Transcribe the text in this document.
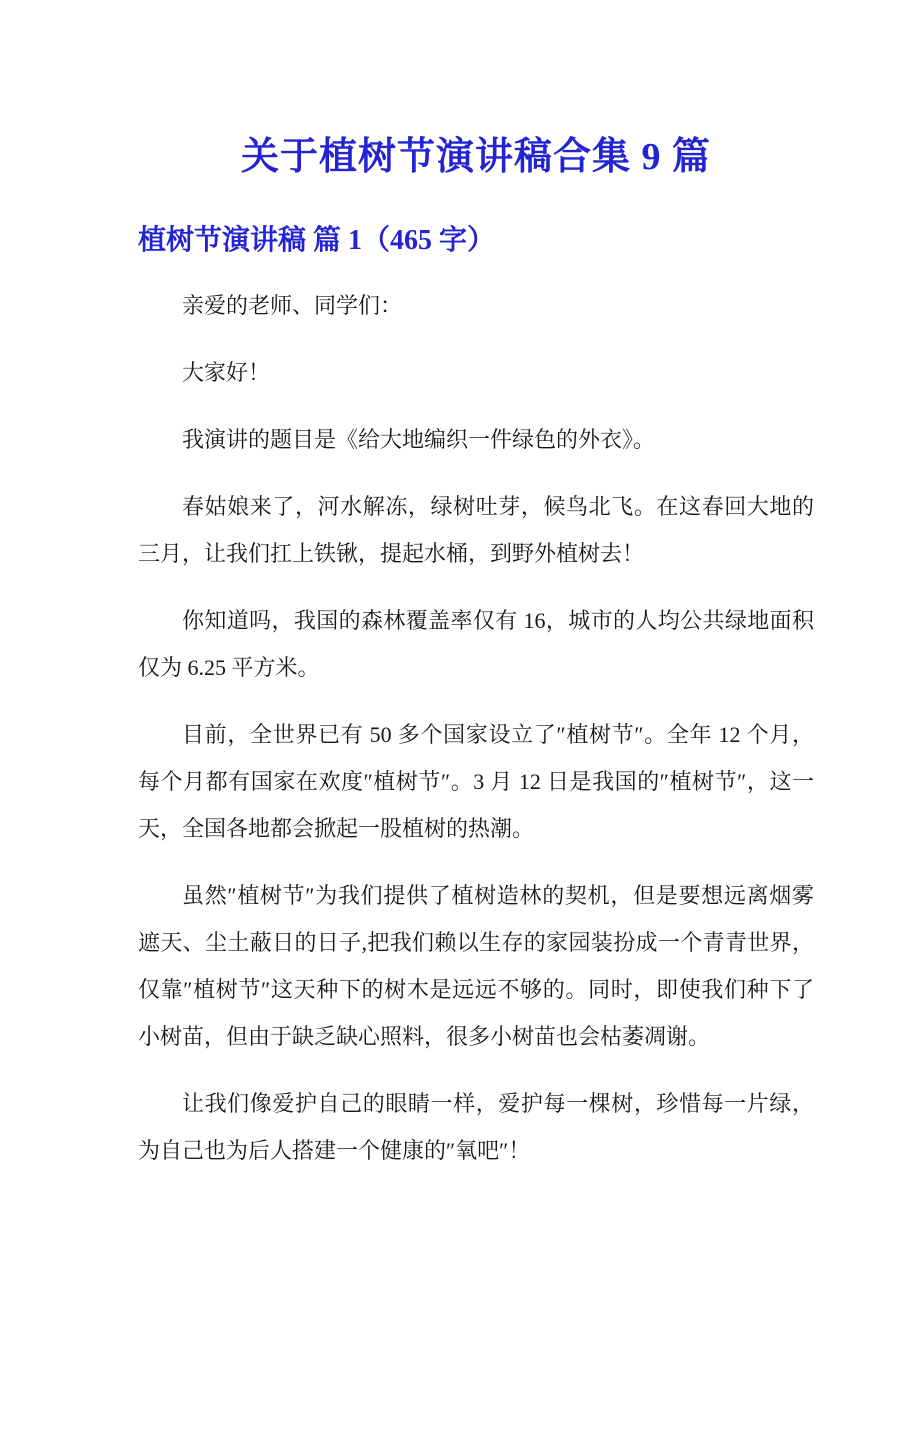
关于植树节演讲稿合集 9 篇
植树节演讲稿 篇 1（465 字）

亲爱的老师、同学们：

大家好！

我演讲的题目是《给大地编织一件绿色的外衣》。

春姑娘来了，河水解冻，绿树吐芽，候鸟北飞。在这春回大地的三月，让我们扛上铁锹，提起水桶，到野外植树去！

你知道吗，我国的森林覆盖率仅有 16，城市的人均公共绿地面积仅为 6.25 平方米。

目前，全世界已有 50 多个国家设立了″植树节″。全年 12 个月，每个月都有国家在欢度″植树节″。3 月 12 日是我国的″植树节″，这一天，全国各地都会掀起一股植树的热潮。

虽然″植树节″为我们提供了植树造林的契机，但是要想远离烟雾遮天、尘土蔽日的日子,把我们赖以生存的家园装扮成一个青青世界，仅靠″植树节″这天种下的树木是远远不够的。同时，即使我们种下了小树苗，但由于缺乏缺心照料，很多小树苗也会枯萎凋谢。

让我们像爱护自己的眼睛一样，爱护每一棵树，珍惜每一片绿，为自己也为后人搭建一个健康的″氧吧″！
